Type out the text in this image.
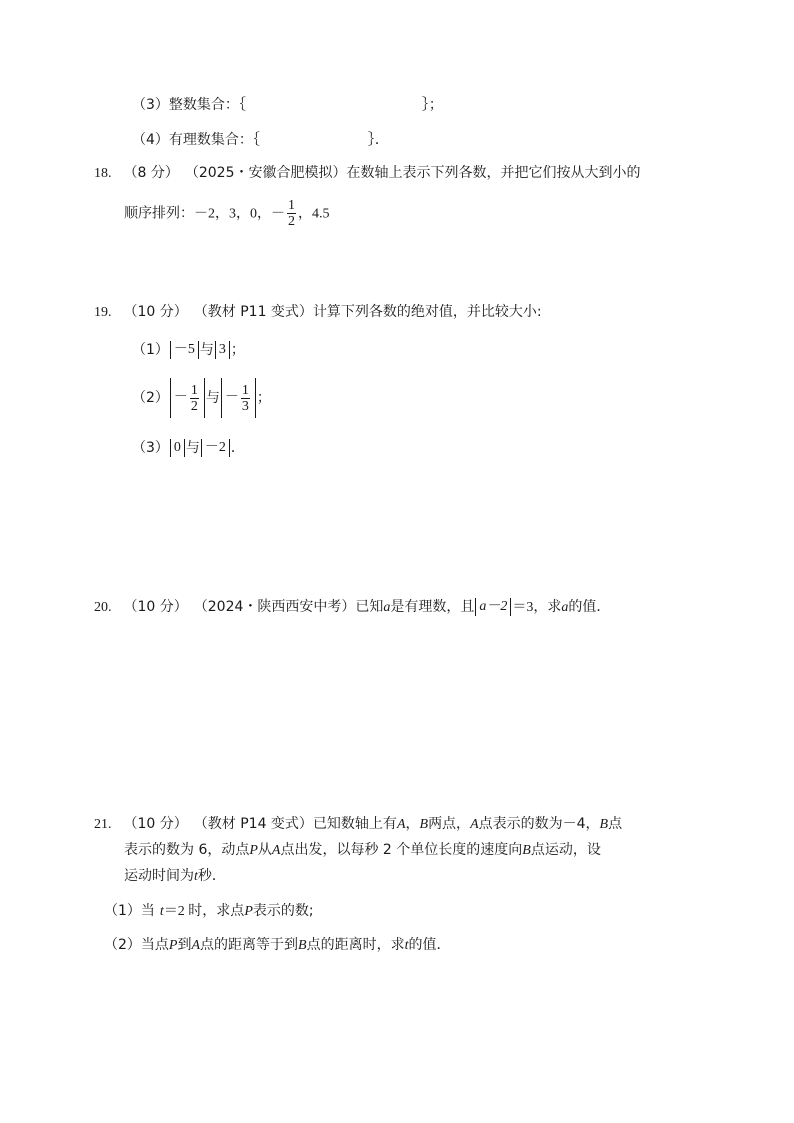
（3）整数集合：｛	｝；
（4）有理数集合：｛	｝．
18. （8 分） （2025・安徽合肥模拟）在数轴上表示下列各数，并把它们按从大到小的
顺序排列：－2，3，0，－ $\frac{1}{2}$ ，4.5
19. （10 分） （教材 P11 变式）计算下列各数的绝对值，并比较大小:
（1） －5 与 3 ；
$(2) - \frac{1}{2}$ 与 － $\frac{1}{3}$ ；
（3） 0 与 －2 ．
20. （10 分） （2024・陕西西安中考）已知a是有理数，且 a－2 ＝3，求a的值．
21. （10 分） （教材 P14 变式）已知数轴上有A，B两点，A点表示的数为－4，B点
表示的数为 6，动点P从A点出发，以每秒 2 个单位长度的速度向B点运动，设
运动时间为t秒．
（1）当 t＝2 时，求点P表示的数;
（2）当点P到A点的距离等于到B点的距离时，求t的值．
